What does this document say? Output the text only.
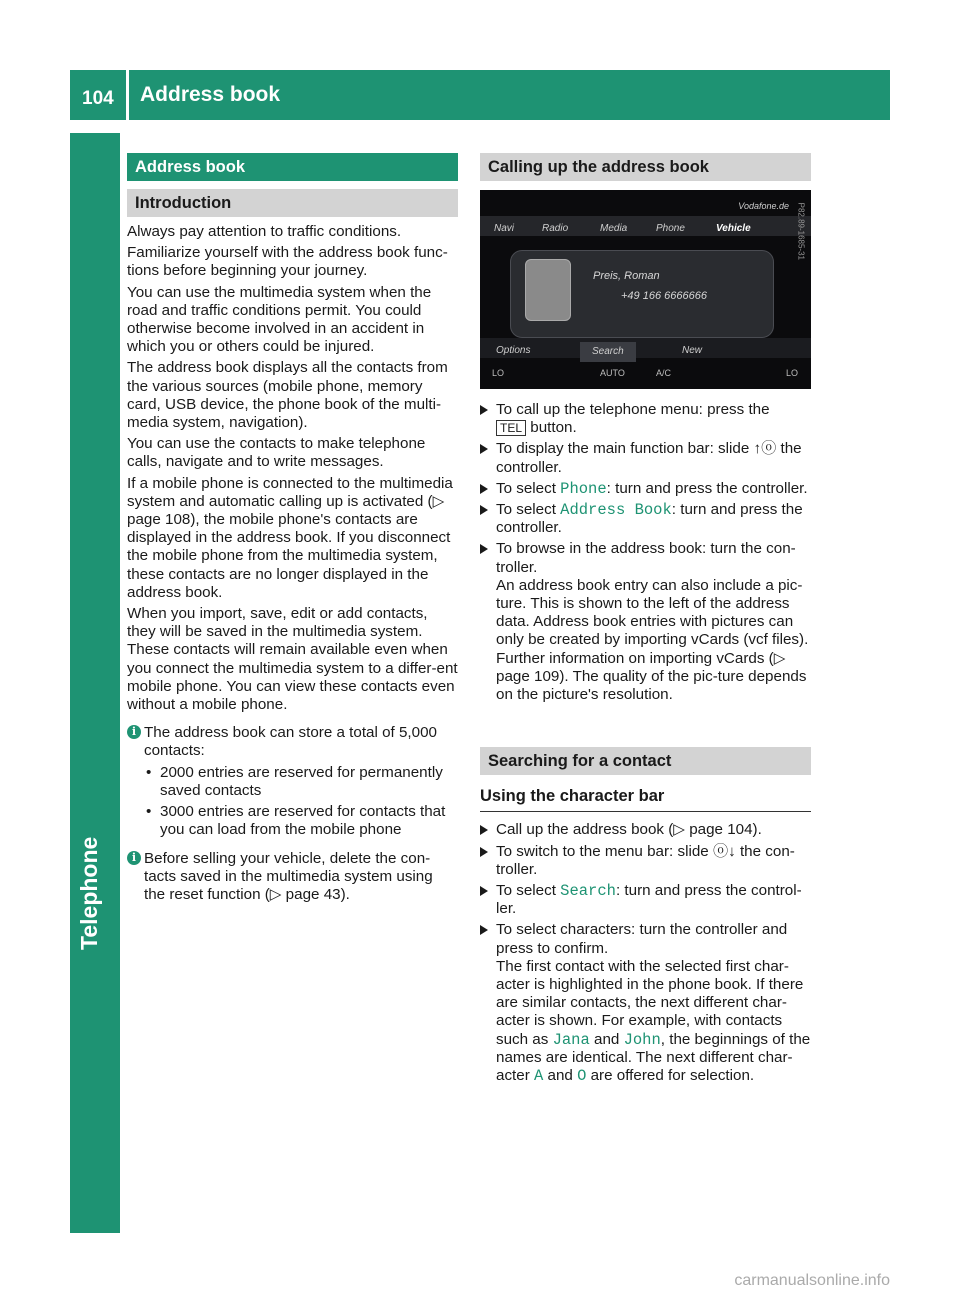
104 Address book
Telephone
Address book
Introduction

Always pay attention to traffic conditions.

Familiarize yourself with the address book func-tions before beginning your journey.

You can use the multimedia system when the road and traffic conditions permit. You could otherwise become involved in an accident in which you or others could be injured.

The address book displays all the contacts from the various sources (mobile phone, memory card, USB device, the phone book of the multi-media system, navigation).

You can use the contacts to make telephone calls, navigate and to write messages.

If a mobile phone is connected to the multimedia system and automatic calling up is activated (▷ page 108), the mobile phone's contacts are displayed in the address book. If you disconnect the mobile phone from the multimedia system, these contacts are no longer displayed in the address book.

When you import, save, edit or add contacts, they will be saved in the multimedia system. These contacts will remain available even when you connect the multimedia system to a differ-ent mobile phone. You can view these contacts even without a mobile phone.

i The address book can store a total of 5,000 contacts:
• 2000 entries are reserved for permanently saved contacts
• 3000 entries are reserved for contacts that you can load from the mobile phone
i Before selling your vehicle, delete the con-tacts saved in the multimedia system using the reset function (▷ page 43).
Calling up the address book
Vodafone.de
Navi	Radio	Media	Phone	Vehicle
Preis, Roman
+49 166 6666666
Options	Search	New
LO	AUTO	A/C	LO
P82.89-1685-31
To call up the telephone menu: press the
TEL button.
To display the main function bar: slide ↑ⓞ the controller.
To select Phone: turn and press the controller.
To select Address Book: turn and press the controller.
To browse in the address book: turn the con-troller.
An address book entry can also include a pic-ture. This is shown to the left of the address data. Address book entries with pictures can only be created by importing vCards (vcf files). Further information on importing vCards (▷ page 109). The quality of the pic-ture depends on the picture's resolution.
Searching for a contact
Using the character bar
Call up the address book (▷ page 104).
To switch to the menu bar: slide ⓞ↓ the con-troller.
To select Search: turn and press the control-ler.
To select characters: turn the controller and press to confirm.
The first contact with the selected first char-acter is highlighted in the phone book. If there are similar contacts, the next different char-acter is shown. For example, with contacts such as Jana and John, the beginnings of the names are identical. The next different char-acter A and O are offered for selection.
carmanualsonline.info
